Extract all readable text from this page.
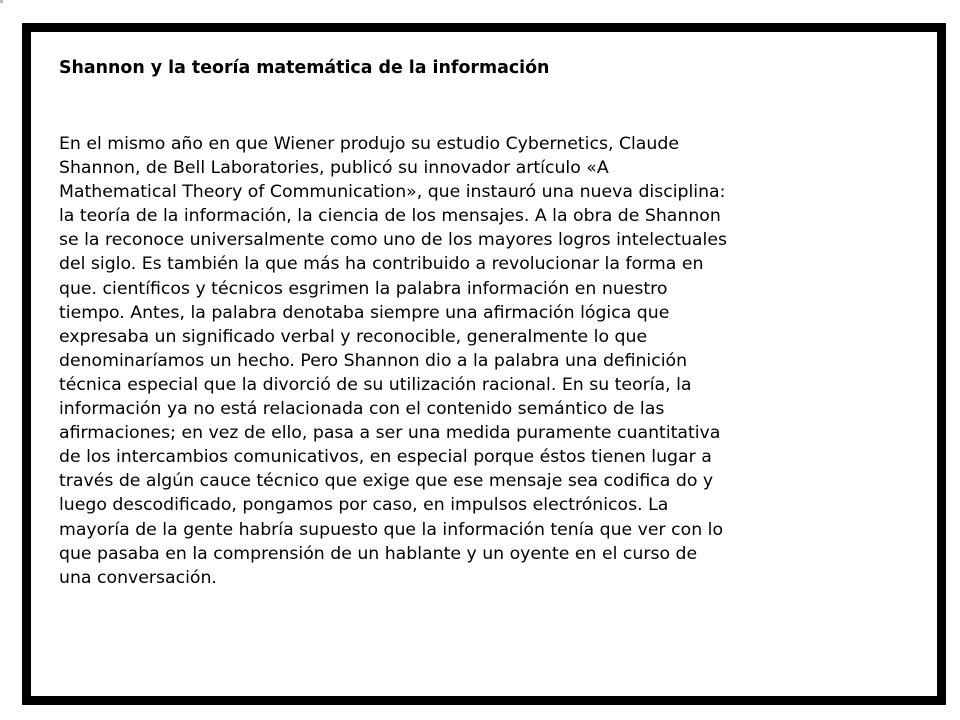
Shannon y la teoría matemática de la información

En el mismo año en que Wiener produjo su estudio Cybernetics, Claude
Shannon, de Bell Laboratories, publicó su innovador artículo «A
Mathematical Theory of Communication», que instauró una nueva disciplina:
la teoría de la información, la ciencia de los mensajes. A la obra de Shannon
se la reconoce universalmente como uno de los mayores logros intelectuales
del siglo. Es también la que más ha contribuido a revolucionar la forma en
que. científicos y técnicos esgrimen la palabra información en nuestro
tiempo. Antes, la palabra denotaba siempre una afirmación lógica que
expresaba un significado verbal y reconocible, generalmente lo que
denominaríamos un hecho. Pero Shannon dio a la palabra una definición
técnica especial que la divorció de su utilización racional. En su teoría, la
información ya no está relacionada con el contenido semántico de las
afirmaciones; en vez de ello, pasa a ser una medida puramente cuantitativa
de los intercambios comunicativos, en especial porque éstos tienen lugar a
través de algún cauce técnico que exige que ese mensaje sea codifica do y
luego descodificado, pongamos por caso, en impulsos electrónicos. La
mayoría de la gente habría supuesto que la información tenía que ver con lo
que pasaba en la comprensión de un hablante y un oyente en el curso de
una conversación.
